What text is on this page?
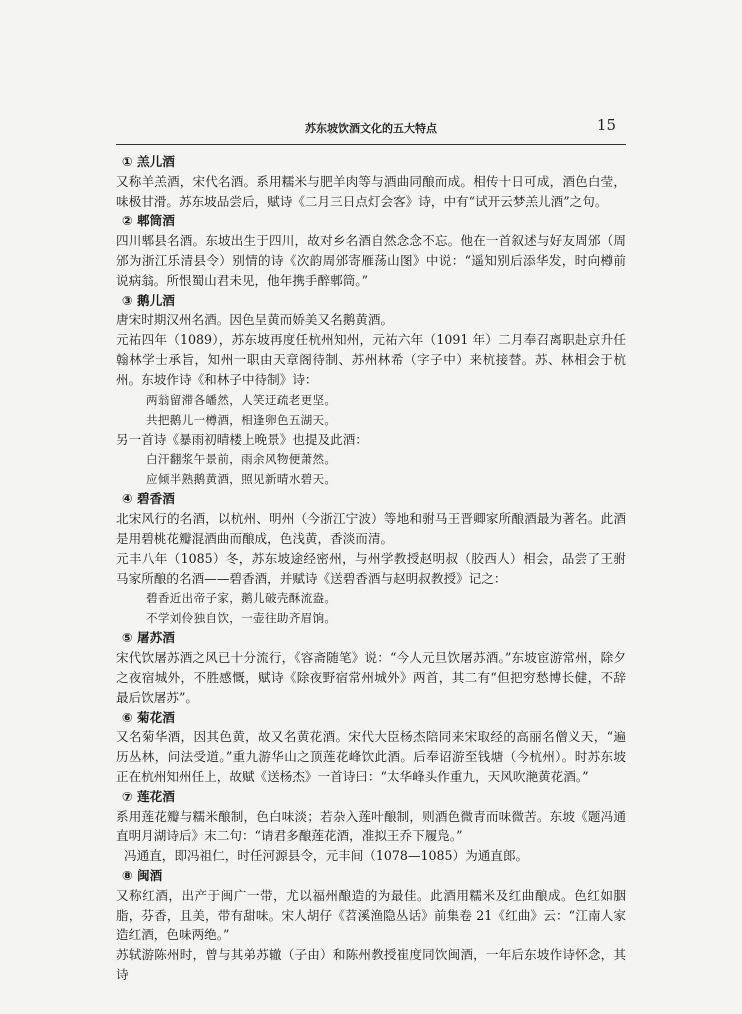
苏东坡饮酒文化的五大特点	15

① 羔儿酒

又称羊羔酒，宋代名酒。系用糯米与肥羊肉等与酒曲同酿而成。相传十日可成，酒色白莹，味极甘滑。苏东坡品尝后，赋诗《二月三日点灯会客》诗，中有“试开云梦羔儿酒”之句。

② 郫筒酒

四川郫县名酒。东坡出生于四川，故对乡名酒自然念念不忘。他在一首叙述与好友周邠（周邠为浙江乐清县令）别情的诗《次韵周邠寄雁荡山图》中说：“遥知别后添华发，时向樽前说病翁。所恨蜀山君未见，他年携手醉郫筒。”

③ 鹅儿酒

唐宋时期汉州名酒。因色呈黄而娇美又名鹅黄酒。

元祐四年（1089），苏东坡再度任杭州知州，元祐六年（1091 年）二月奉召离职赴京升任翰林学士承旨，知州一职由天章阁待制、苏州林希（字子中）来杭接替。苏、林相会于杭州。东坡作诗《和林子中待制》诗：

两翁留滞各皤然，人笑迂疏老更坚。

共把鹅儿一樽酒，相逢卵色五湖天。

另一首诗《暴雨初晴楼上晚景》也提及此酒：

白汗翻浆午景前，雨余风物便萧然。

应倾半熟鹅黄酒，照见新晴水碧天。

④ 碧香酒

北宋风行的名酒，以杭州、明州（今浙江宁波）等地和驸马王晋卿家所酿酒最为著名。此酒是用碧桃花瓣混酒曲而酿成，色浅黄，香淡而清。

元丰八年（1085）冬，苏东坡途经密州，与州学教授赵明叔（胶西人）相会，品尝了王驸马家所酿的名酒——碧香酒，并赋诗《送碧香酒与赵明叔教授》记之：

碧香近出帝子家，鹅儿破壳酥流盎。

不学刘伶独自饮，一壶往助齐眉饷。

⑤ 屠苏酒

宋代饮屠苏酒之风已十分流行，《容斋随笔》说：“今人元旦饮屠苏酒。”东坡宦游常州，除夕之夜宿城外，不胜感慨，赋诗《除夜野宿常州城外》两首，其二有“但把穷愁博长健，不辞最后饮屠苏”。

⑥ 菊花酒

又名菊华酒，因其色黄，故又名黄花酒。宋代大臣杨杰陪同来宋取经的高丽名僧义天，“遍历丛林，问法受道。”重九游华山之顶莲花峰饮此酒。后奉诏游至钱塘（今杭州）。时苏东坡正在杭州知州任上，故赋《送杨杰》一首诗曰：“太华峰头作重九，天风吹滟黄花酒。”

⑦ 莲花酒

系用莲花瓣与糯米酿制，色白味淡；若杂入莲叶酿制，则酒色微青而味微苦。东坡《题冯通直明月湖诗后》末二句：“请君多酿莲花酒，准拟王乔下履凫。”

冯通直，即冯祖仁，时任河源县令，元丰间（1078—1085）为通直郎。

⑧ 闽酒

又称红酒，出产于闽广一带，尤以福州酿造的为最佳。此酒用糯米及红曲酿成。色红如胭脂，芬香，且美，带有甜味。宋人胡仔《苕溪渔隐丛话》前集卷 21《红曲》云：“江南人家造红酒，色味两绝。”

苏轼游陈州时，曾与其弟苏辙（子由）和陈州教授崔度同饮闽酒，一年后东坡作诗怀念，其诗
